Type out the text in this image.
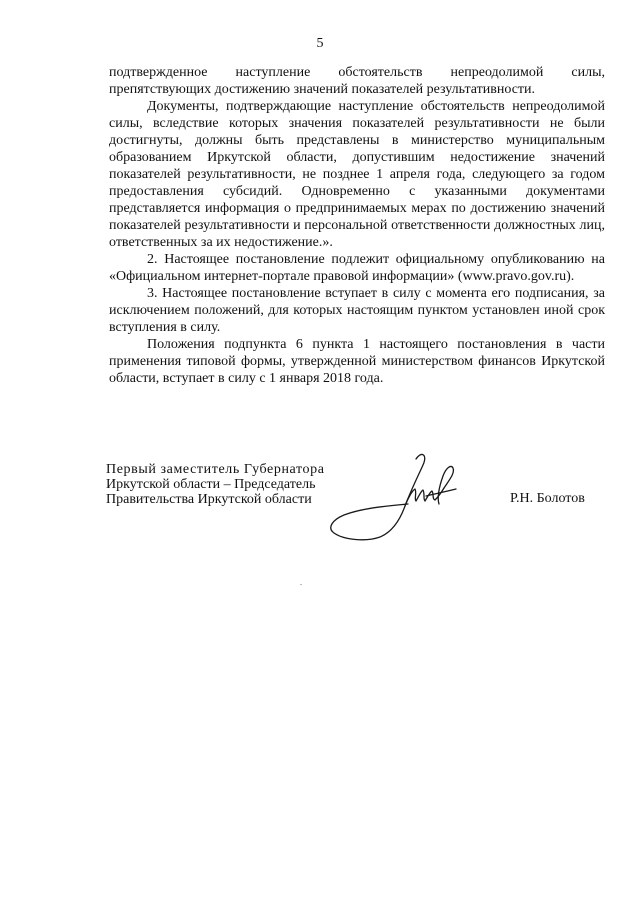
5

подтвержденное наступление обстоятельств непреодолимой силы, препятствующих достижению значений показателей результативности.

Документы, подтверждающие наступление обстоятельств непреодолимой силы, вследствие которых значения показателей результативности не были достигнуты, должны быть представлены в министерство муниципальным образованием Иркутской области, допустившим недостижение значений показателей результативности, не позднее 1 апреля года, следующего за годом предоставления субсидий. Одновременно с указанными документами представляется информация о предпринимаемых мерах по достижению значений показателей результативности и персональной ответственности должностных лиц, ответственных за их недостижение.».

2. Настоящее постановление подлежит официальному опубликованию на «Официальном интернет-портале правовой информации» (www.pravo.gov.ru).

3. Настоящее постановление вступает в силу с момента его подписания, за исключением положений, для которых настоящим пунктом установлен иной срок вступления в силу.

Положения подпункта 6 пункта 1 настоящего постановления в части применения типовой формы, утвержденной министерством финансов Иркутской области, вступает в силу с 1 января 2018 года.

Первый заместитель Губернатора
Иркутской области – Председатель
Правительства Иркутской области	Р.Н. Болотов
